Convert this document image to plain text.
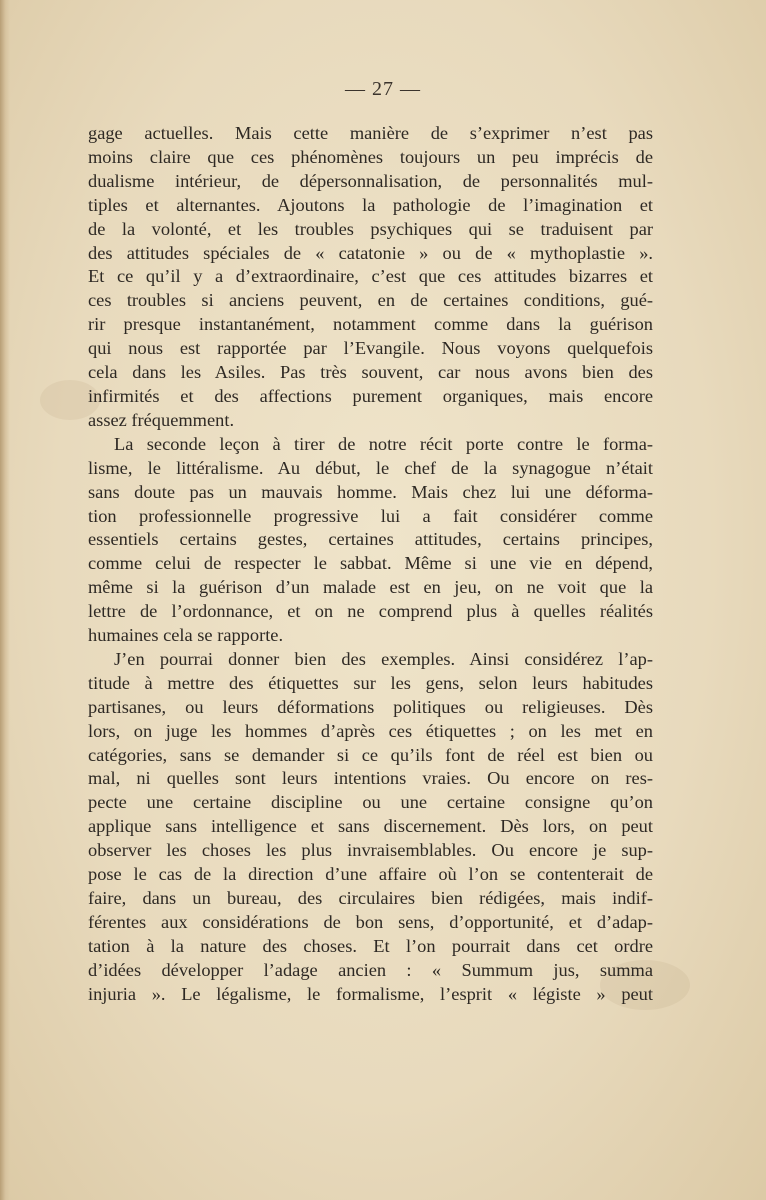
— 27 —
gage actuelles. Mais cette manière de s’exprimer n’est pas
moins claire que ces phénomènes toujours un peu imprécis de
dualisme intérieur, de dépersonnalisation, de personnalités mul-
tiples et alternantes. Ajoutons la pathologie de l’imagination et
de la volonté, et les troubles psychiques qui se traduisent par
des attitudes spéciales de « catatonie » ou de « mythoplastie ».
Et ce qu’il y a d’extraordinaire, c’est que ces attitudes bizarres et
ces troubles si anciens peuvent, en de certaines conditions, gué-
rir presque instantanément, notamment comme dans la guérison
qui nous est rapportée par l’Evangile. Nous voyons quelquefois
cela dans les Asiles. Pas très souvent, car nous avons bien des
infirmités et des affections purement organiques, mais encore
assez fréquemment.
La seconde leçon à tirer de notre récit porte contre le forma-
lisme, le littéralisme. Au début, le chef de la synagogue n’était
sans doute pas un mauvais homme. Mais chez lui une déforma-
tion professionnelle progressive lui a fait considérer comme
essentiels certains gestes, certaines attitudes, certains principes,
comme celui de respecter le sabbat. Même si une vie en dépend,
même si la guérison d’un malade est en jeu, on ne voit que la
lettre de l’ordonnance, et on ne comprend plus à quelles réalités
humaines cela se rapporte.
J’en pourrai donner bien des exemples. Ainsi considérez l’ap-
titude à mettre des étiquettes sur les gens, selon leurs habitudes
partisanes, ou leurs déformations politiques ou religieuses. Dès
lors, on juge les hommes d’après ces étiquettes ; on les met en
catégories, sans se demander si ce qu’ils font de réel est bien ou
mal, ni quelles sont leurs intentions vraies. Ou encore on res-
pecte une certaine discipline ou une certaine consigne qu’on
applique sans intelligence et sans discernement. Dès lors, on peut
observer les choses les plus invraisemblables. Ou encore je sup-
pose le cas de la direction d’une affaire où l’on se contenterait de
faire, dans un bureau, des circulaires bien rédigées, mais indif-
férentes aux considérations de bon sens, d’opportunité, et d’adap-
tation à la nature des choses. Et l’on pourrait dans cet ordre
d’idées développer l’adage ancien : « Summum jus, summa
injuria ». Le légalisme, le formalisme, l’esprit « légiste » peut
